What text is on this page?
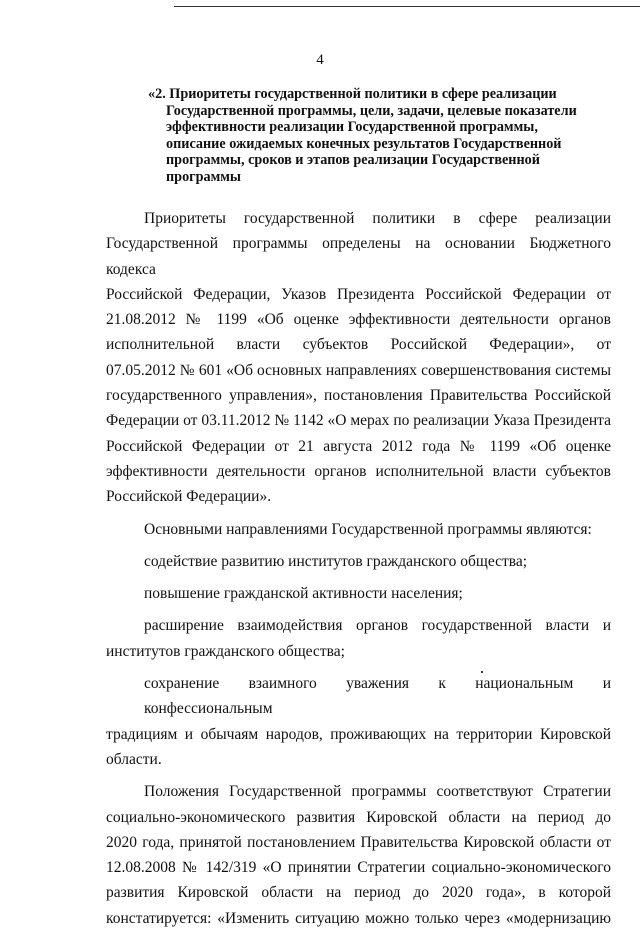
4
«2. Приоритеты государственной политики в сфере реализации
Государственной программы, цели, задачи, целевые показатели
эффективности реализации Государственной программы,
описание ожидаемых конечных результатов Государственной
программы, сроков и этапов реализации Государственной
программы
Приоритеты государственной политики в сфере реализации
Государственной программы определены на основании Бюджетного кодекса
Российской Федерации, Указов Президента Российской Федерации от
21.08.2012 № 1199 «Об оценке эффективности деятельности органов
исполнительной власти субъектов Российской Федерации», от
07.05.2012 № 601 «Об основных направлениях совершенствования системы
государственного управления», постановления Правительства Российской
Федерации от 03.11.2012 № 1142 «О мерах по реализации Указа Президента
Российской Федерации от 21 августа 2012 года № 1199 «Об оценке
эффективности деятельности органов исполнительной власти субъектов
Российской Федерации».
Основными направлениями Государственной программы являются:
содействие развитию институтов гражданского общества;
повышение гражданской активности населения;
расширение взаимодействия органов государственной власти и
институтов гражданского общества;
сохранение взаимного уважения к национальным и конфессиональным
традициям и обычаям народов, проживающих на территории Кировской
области.
Положения Государственной программы соответствуют Стратегии
социально-экономического развития Кировской области на период до
2020 года, принятой постановлением Правительства Кировской области от
12.08.2008 № 142/319 «О принятии Стратегии социально-экономического
развития Кировской области на период до 2020 года», в которой
констатируется: «Изменить ситуацию можно только через «модернизацию
